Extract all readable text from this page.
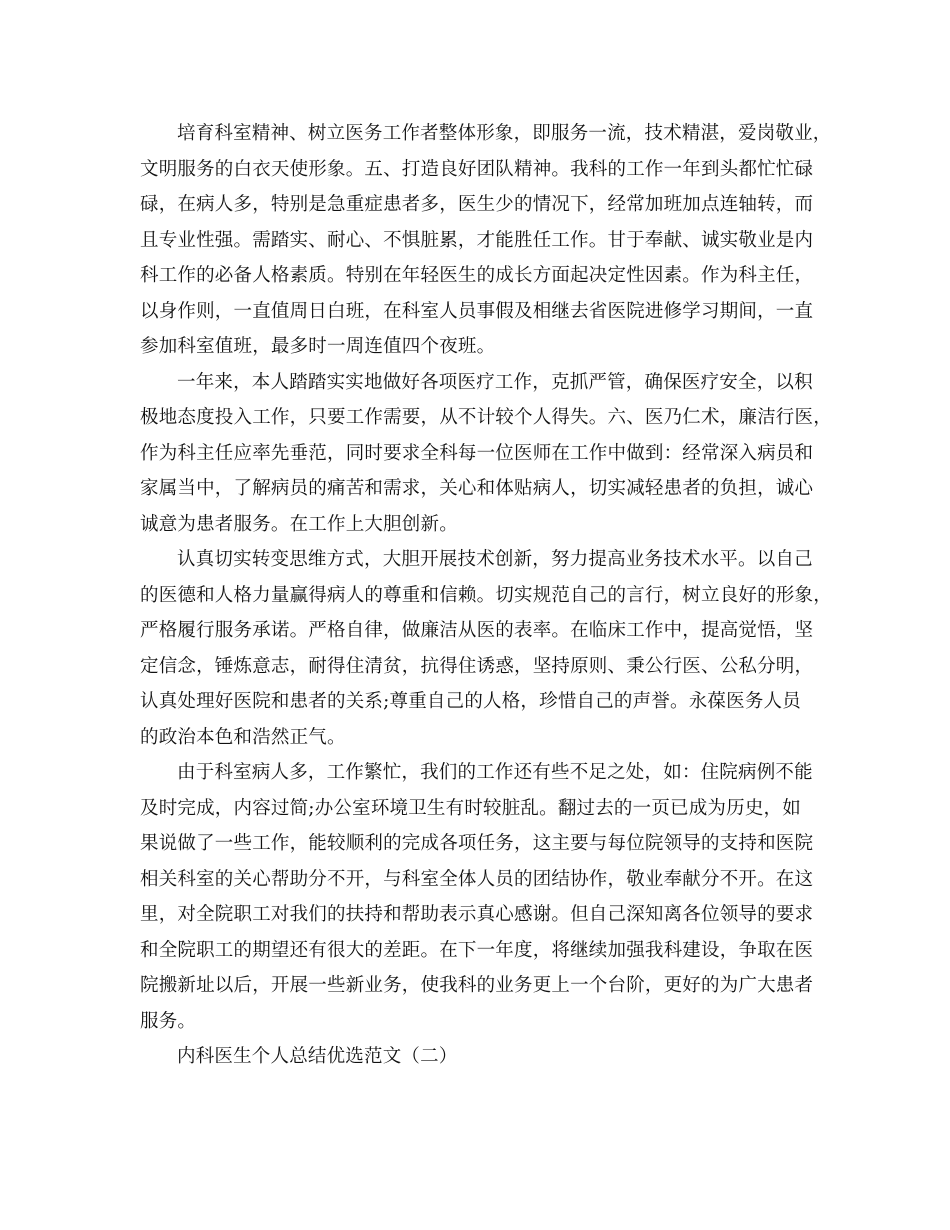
培育科室精神、树立医务工作者整体形象，即服务一流，技术精湛，爱岗敬业，
文明服务的白衣天使形象。五、打造良好团队精神。我科的工作一年到头都忙忙碌
碌，在病人多，特别是急重症患者多，医生少的情况下，经常加班加点连轴转，而
且专业性强。需踏实、耐心、不惧脏累，才能胜任工作。甘于奉献、诚实敬业是内
科工作的必备人格素质。特别在年轻医生的成长方面起决定性因素。作为科主任，
以身作则，一直值周日白班，在科室人员事假及相继去省医院进修学习期间，一直
参加科室值班，最多时一周连值四个夜班。
一年来，本人踏踏实实地做好各项医疗工作，克抓严管，确保医疗安全，以积
极地态度投入工作，只要工作需要，从不计较个人得失。六、医乃仁术，廉洁行医，
作为科主任应率先垂范，同时要求全科每一位医师在工作中做到：经常深入病员和
家属当中，了解病员的痛苦和需求，关心和体贴病人，切实减轻患者的负担，诚心
诚意为患者服务。在工作上大胆创新。
认真切实转变思维方式，大胆开展技术创新，努力提高业务技术水平。以自己
的医德和人格力量赢得病人的尊重和信赖。切实规范自己的言行，树立良好的形象，
严格履行服务承诺。严格自律，做廉洁从医的表率。在临床工作中，提高觉悟，坚
定信念，锤炼意志，耐得住清贫，抗得住诱惑，坚持原则、秉公行医、公私分明，
认真处理好医院和患者的关系;尊重自己的人格，珍惜自己的声誉。永葆医务人员
的政治本色和浩然正气。
由于科室病人多，工作繁忙，我们的工作还有些不足之处，如：住院病例不能
及时完成，内容过简;办公室环境卫生有时较脏乱。翻过去的一页已成为历史，如
果说做了一些工作，能较顺利的完成各项任务，这主要与每位院领导的支持和医院
相关科室的关心帮助分不开，与科室全体人员的团结协作，敬业奉献分不开。在这
里，对全院职工对我们的扶持和帮助表示真心感谢。但自己深知离各位领导的要求
和全院职工的期望还有很大的差距。在下一年度，将继续加强我科建设，争取在医
院搬新址以后，开展一些新业务，使我科的业务更上一个台阶，更好的为广大患者
服务。
内科医生个人总结优选范文（二）
